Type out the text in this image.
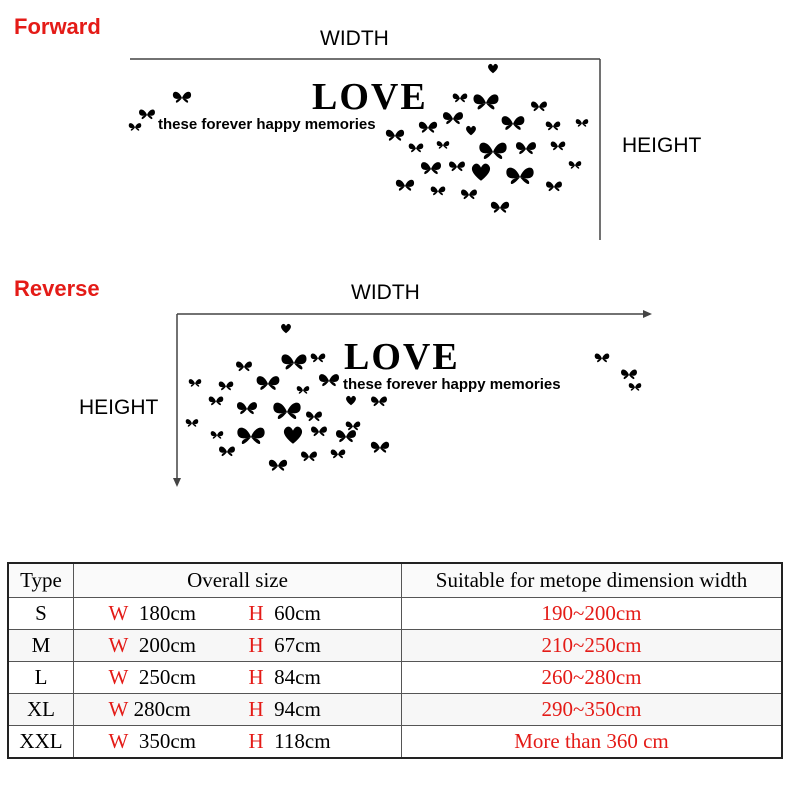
Forward	WIDTH
HEIGHT
LOVE
these forever happy memories
Reverse	WIDTH
HEIGHT
LOVE
these forever happy memories
Type	Overall size	Suitable for metope dimension width
S	W 180cm H 60cm	190~200cm
M	W 200cm H 67cm	210~250cm
L	W 250cm H 84cm	260~280cm
XL	W 280cm H 94cm	290~350cm
XXL	W 350cm H 118cm	More than 360 cm
